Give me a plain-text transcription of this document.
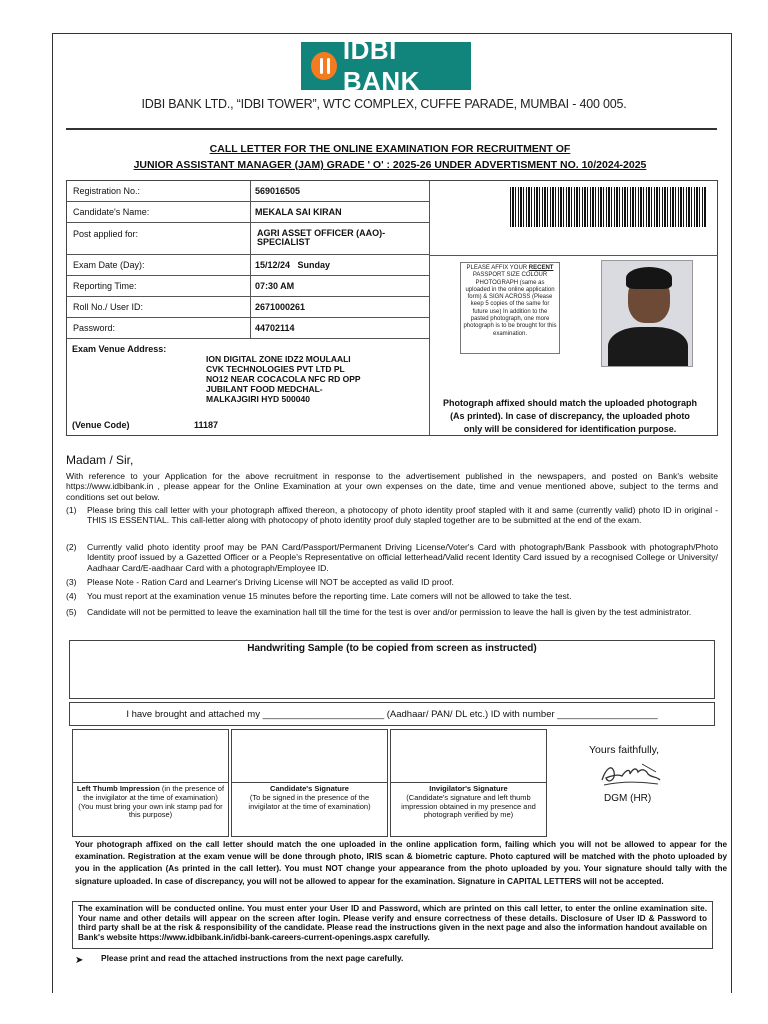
IDBI BANK
IDBI BANK LTD., “IDBI TOWER”, WTC COMPLEX, CUFFE PARADE, MUMBAI - 400 005.
CALL LETTER FOR THE ONLINE EXAMINATION FOR RECRUITMENT OF
JUNIOR ASSISTANT MANAGER (JAM) GRADE ' O' : 2025-26 UNDER ADVERTISMENT NO. 10/2024-2025
Registration No.:	569016505
Candidate's Name:	MEKALA SAI KIRAN
Post applied for:	AGRI ASSET OFFICER (AAO)-
SPECIALIST
Exam Date (Day):	15/12/24   Sunday
Reporting Time:	07:30 AM
Roll No./ User ID:	2671000261
Password:	44702114
PLEASE AFFIX YOUR RECENT PASSPORT SIZE COLOUR PHOTOGRAPH (same as uploaded in the online application form) & SIGN ACROSS (Please keep 5 copies of the same for future use) In addition to the pasted photograph, one more photograph is to be brought for this examination.
Photograph affixed should match the uploaded photograph (As printed). In case of discrepancy, the uploaded photo only will be considered for identification purpose.
Exam Venue Address:
ION DIGITAL ZONE IDZ2 MOULAALI
CVK TECHNOLOGIES PVT LTD PL
NO12 NEAR COCACOLA NFC RD OPP
JUBILANT FOOD MEDCHAL-
MALKAJGIRI HYD 500040
(Venue Code)	11187
Madam / Sir,
With reference to your Application for the above recruitment in response to the advertisement published in the newspapers, and posted on Bank's website https://www.idbibank.in , please appear for the Online Examination at your own expenses on the date, time and venue mentioned above, subject to the terms and conditions set out below.
(1) Please bring this call letter with your photograph affixed thereon, a photocopy of photo identity proof stapled with it and same (currently valid) photo ID in original - THIS IS ESSENTIAL. This call-letter along with photocopy of photo identity proof duly stapled together are to be submitted at the end of the exam.
(2) Currently valid photo identity proof may be PAN Card/Passport/Permanent Driving License/Voter's Card with photograph/Bank Passbook with photograph/Photo Identity proof issued by a Gazetted Officer or a People's Representative on official letterhead/Valid recent Identity Card issued by a recognised College or University/ Aadhaar Card/E-aadhaar Card with a photograph/Employee ID.
(3) Please Note - Ration Card and Learner's Driving License will NOT be accepted as valid ID proof.
(4) You must report at the examination venue 15 minutes before the reporting time. Late comers will not be allowed to take the test.
(5) Candidate will not be permitted to leave the examination hall till the time for the test is over and/or permission to leave the hall is given by the test administrator.
Handwriting Sample (to be copied from screen as instructed)
I have brought and attached my _______________________ (Aadhaar/ PAN/ DL etc.) ID with number ___________________
Left Thumb Impression (in the presence of the invigilator at the time of examination) (You must bring your own ink stamp pad for this purpose)
Candidate's Signature
(To be signed in the presence of the invigilator at the time of examination)
Invigilator's Signature
(Candidate's signature and left thumb impression obtained in my presence and photograph verified by me)
Yours faithfully,
DGM (HR)
Your photograph affixed on the call letter should match the one uploaded in the online application form, failing which you will not be allowed to appear for the examination. Registration at the exam venue will be done through photo, IRIS scan & biometric capture. Photo captured will be matched with the photo uploaded by you in the application (As printed in the call letter). You must NOT change your appearance from the photo uploaded by you. Your signature should tally with the signature uploaded. In case of discrepancy, you will not be allowed to appear for the examination. Signature in CAPITAL LETTERS will not be accepted.
The examination will be conducted online. You must enter your User ID and Password, which are printed on this call letter, to enter the online examination site. Your name and other details will appear on the screen after login. Please verify and ensure correctness of these details. Disclosure of User ID & Password to third party shall be at the risk & responsibility of the candidate. Please read the instructions given in the next page and also the information handout available on Bank's website https://www.idbibank.in/idbi-bank-careers-current-openings.aspx carefully.
➤ Please print and read the attached instructions from the next page carefully.
